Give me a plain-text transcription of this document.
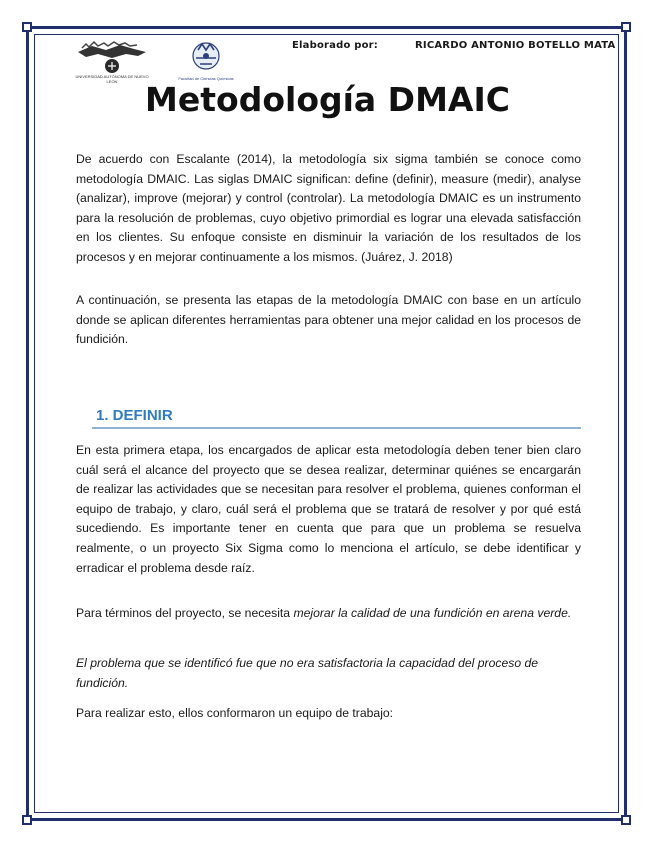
UNIVERSIDAD AUTÓNOMA DE NUEVO LEÓN
Facultad de Ciencias Químicas
Elaborado por:	RICARDO ANTONIO BOTELLO MATA
Metodología DMAIC

De acuerdo con Escalante (2014), la metodología six sigma también se conoce como metodología DMAIC. Las siglas DMAIC significan: define (definir), measure (medir), analyse (analizar), improve (mejorar) y control (controlar). La metodología DMAIC es un instrumento para la resolución de problemas, cuyo objetivo primordial es lograr una elevada satisfacción en los clientes. Su enfoque consiste en disminuir la variación de los resultados de los procesos y en mejorar continuamente a los mismos. (Juárez, J. 2018)

A continuación, se presenta las etapas de la metodología DMAIC con base en un artículo donde se aplican diferentes herramientas para obtener una mejor calidad en los procesos de fundición.

1. DEFINIR

En esta primera etapa, los encargados de aplicar esta metodología deben tener bien claro cuál será el alcance del proyecto que se desea realizar, determinar quiénes se encargarán de realizar las actividades que se necesitan para resolver el problema, quienes conforman el equipo de trabajo, y claro, cuál será el problema que se tratará de resolver y por qué está sucediendo. Es importante tener en cuenta que para que un problema se resuelva realmente, o un proyecto Six Sigma como lo menciona el artículo, se debe identificar y erradicar el problema desde raíz.

Para términos del proyecto, se necesita mejorar la calidad de una fundición en arena verde.

El problema que se identificó fue que no era satisfactoria la capacidad del proceso de fundición.

Para realizar esto, ellos conformaron un equipo de trabajo:
